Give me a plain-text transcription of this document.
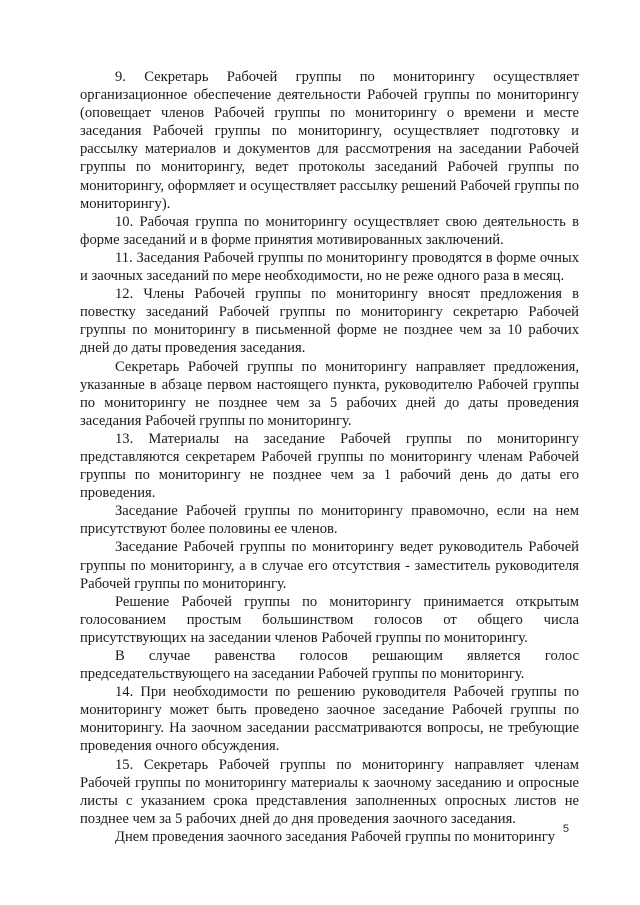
9. Секретарь Рабочей группы по мониторингу осуществляет организационное обеспечение деятельности Рабочей группы по мониторингу (оповещает членов Рабочей группы по мониторингу о времени и месте заседания Рабочей группы по мониторингу, осуществляет подготовку и рассылку материалов и документов для рассмотрения на заседании Рабочей группы по мониторингу, ведет протоколы заседаний Рабочей группы по мониторингу, оформляет и осуществляет рассылку решений Рабочей группы по мониторингу).

10. Рабочая группа по мониторингу осуществляет свою деятельность в форме заседаний и в форме принятия мотивированных заключений.

11. Заседания Рабочей группы по мониторингу проводятся в форме очных и заочных заседаний по мере необходимости, но не реже одного раза в месяц.

12. Члены Рабочей группы по мониторингу вносят предложения в повестку заседаний Рабочей группы по мониторингу секретарю Рабочей группы по мониторингу в письменной форме не позднее чем за 10 рабочих дней до даты проведения заседания.

Секретарь Рабочей группы по мониторингу направляет предложения, указанные в абзаце первом настоящего пункта, руководителю Рабочей группы по мониторингу не позднее чем за 5 рабочих дней до даты проведения заседания Рабочей группы по мониторингу.

13. Материалы на заседание Рабочей группы по мониторингу представляются секретарем Рабочей группы по мониторингу членам Рабочей группы по мониторингу не позднее чем за 1 рабочий день до даты его проведения.

Заседание Рабочей группы по мониторингу правомочно, если на нем присутствуют более половины ее членов.

Заседание Рабочей группы по мониторингу ведет руководитель Рабочей группы по мониторингу, а в случае его отсутствия - заместитель руководителя Рабочей группы по мониторингу.

Решение Рабочей группы по мониторингу принимается открытым голосованием простым большинством голосов от общего числа присутствующих на заседании членов Рабочей группы по мониторингу.

В случае равенства голосов решающим является голос председательствующего на заседании Рабочей группы по мониторингу.

14. При необходимости по решению руководителя Рабочей группы по мониторингу может быть проведено заочное заседание Рабочей группы по мониторингу. На заочном заседании рассматриваются вопросы, не требующие проведения очного обсуждения.

15. Секретарь Рабочей группы по мониторингу направляет членам Рабочей группы по мониторингу материалы к заочному заседанию и опросные листы с указанием срока представления заполненных опросных листов не позднее чем за 5 рабочих дней до дня проведения заочного заседания.

Днем проведения заочного заседания Рабочей группы по мониторингу 5
